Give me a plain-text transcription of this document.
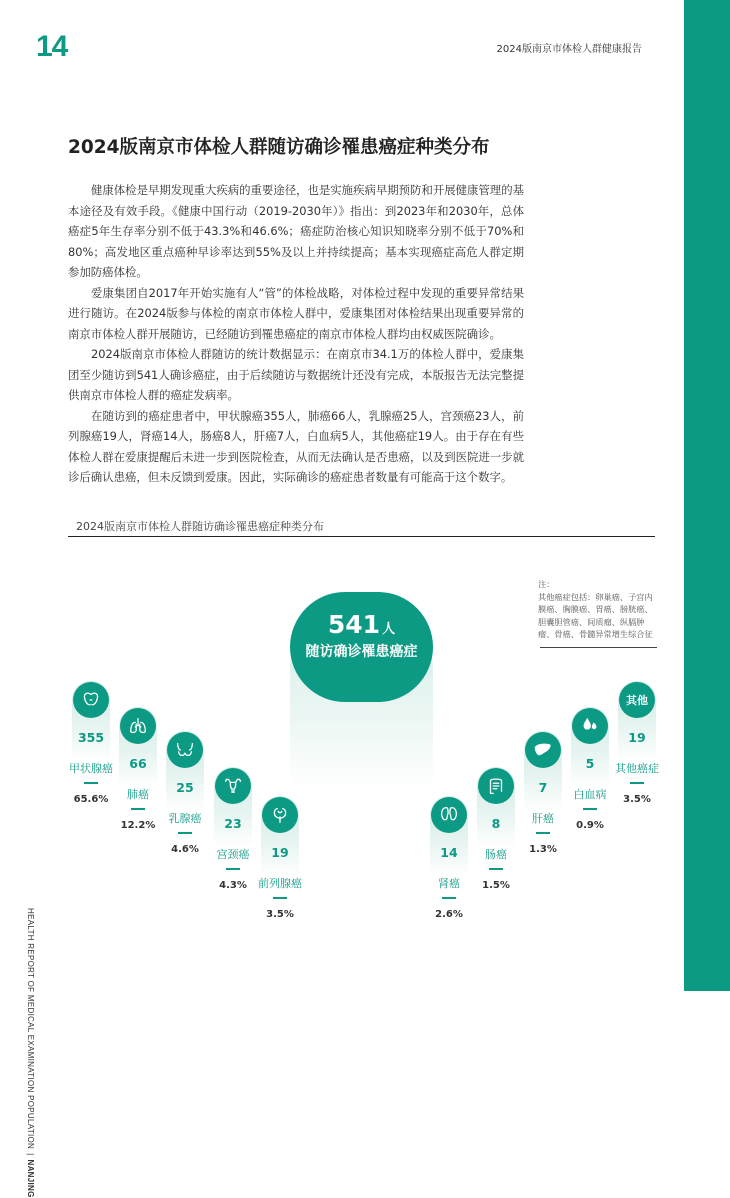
14	2024版南京市体检人群健康报告
HEALTH REPORT OF MEDICAL EXAMINATION POPULATION|NANJING
2024版南京市体检人群随访确诊罹患癌症种类分布

健康体检是早期发现重大疾病的重要途径，也是实施疾病早期预防和开展健康管理的基本途径及有效手段。《健康中国行动（2019-2030年）》指出：到2023年和2030年，总体癌症5年生存率分别不低于43.3%和46.6%；癌症防治核心知识知晓率分别不低于70%和80%；高发地区重点癌种早诊率达到55%及以上并持续提高；基本实现癌症高危人群定期参加防癌体检。

爱康集团自2017年开始实施有人“管”的体检战略，对体检过程中发现的重要异常结果进行随访。在2024版参与体检的南京市体检人群中，爱康集团对体检结果出现重要异常的南京市体检人群开展随访，已经随访到罹患癌症的南京市体检人群均由权威医院确诊。

2024版南京市体检人群随访的统计数据显示：在南京市34.1万的体检人群中，爱康集团至少随访到541人确诊癌症，由于后续随访与数据统计还没有完成，本版报告无法完整提供南京市体检人群的癌症发病率。

在随访到的癌症患者中，甲状腺癌355人，肺癌66人，乳腺癌25人，宫颈癌23人，前列腺癌19人，肾癌14人，肠癌8人，肝癌7人，白血病5人，其他癌症19人。由于存在有些体检人群在爱康提醒后未进一步到医院检查，从而无法确认是否患癌，以及到医院进一步就诊后确认患癌，但未反馈到爱康。因此，实际确诊的癌症患者数量有可能高于这个数字。

2024版南京市体检人群随访确诊罹患癌症种类分布
注：
其他癌症包括：卵巢癌、子宫内膜癌、胸膜癌、胃癌、膀胱癌、胆囊胆管癌、间质瘤、纵膈肿瘤、骨癌、骨髓异常增生综合征
541 人
随访确诊罹患癌症
355
甲状腺癌
65.6%
66
肺癌
12.2%
25
乳腺癌
4.6%
23
宫颈癌
4.3%
19
前列腺癌
3.5%
14
肾癌
2.6%
8
肠癌
1.5%
7
肝癌
1.3%
5
白血病
0.9%
其他
19
其他癌症
3.5%
